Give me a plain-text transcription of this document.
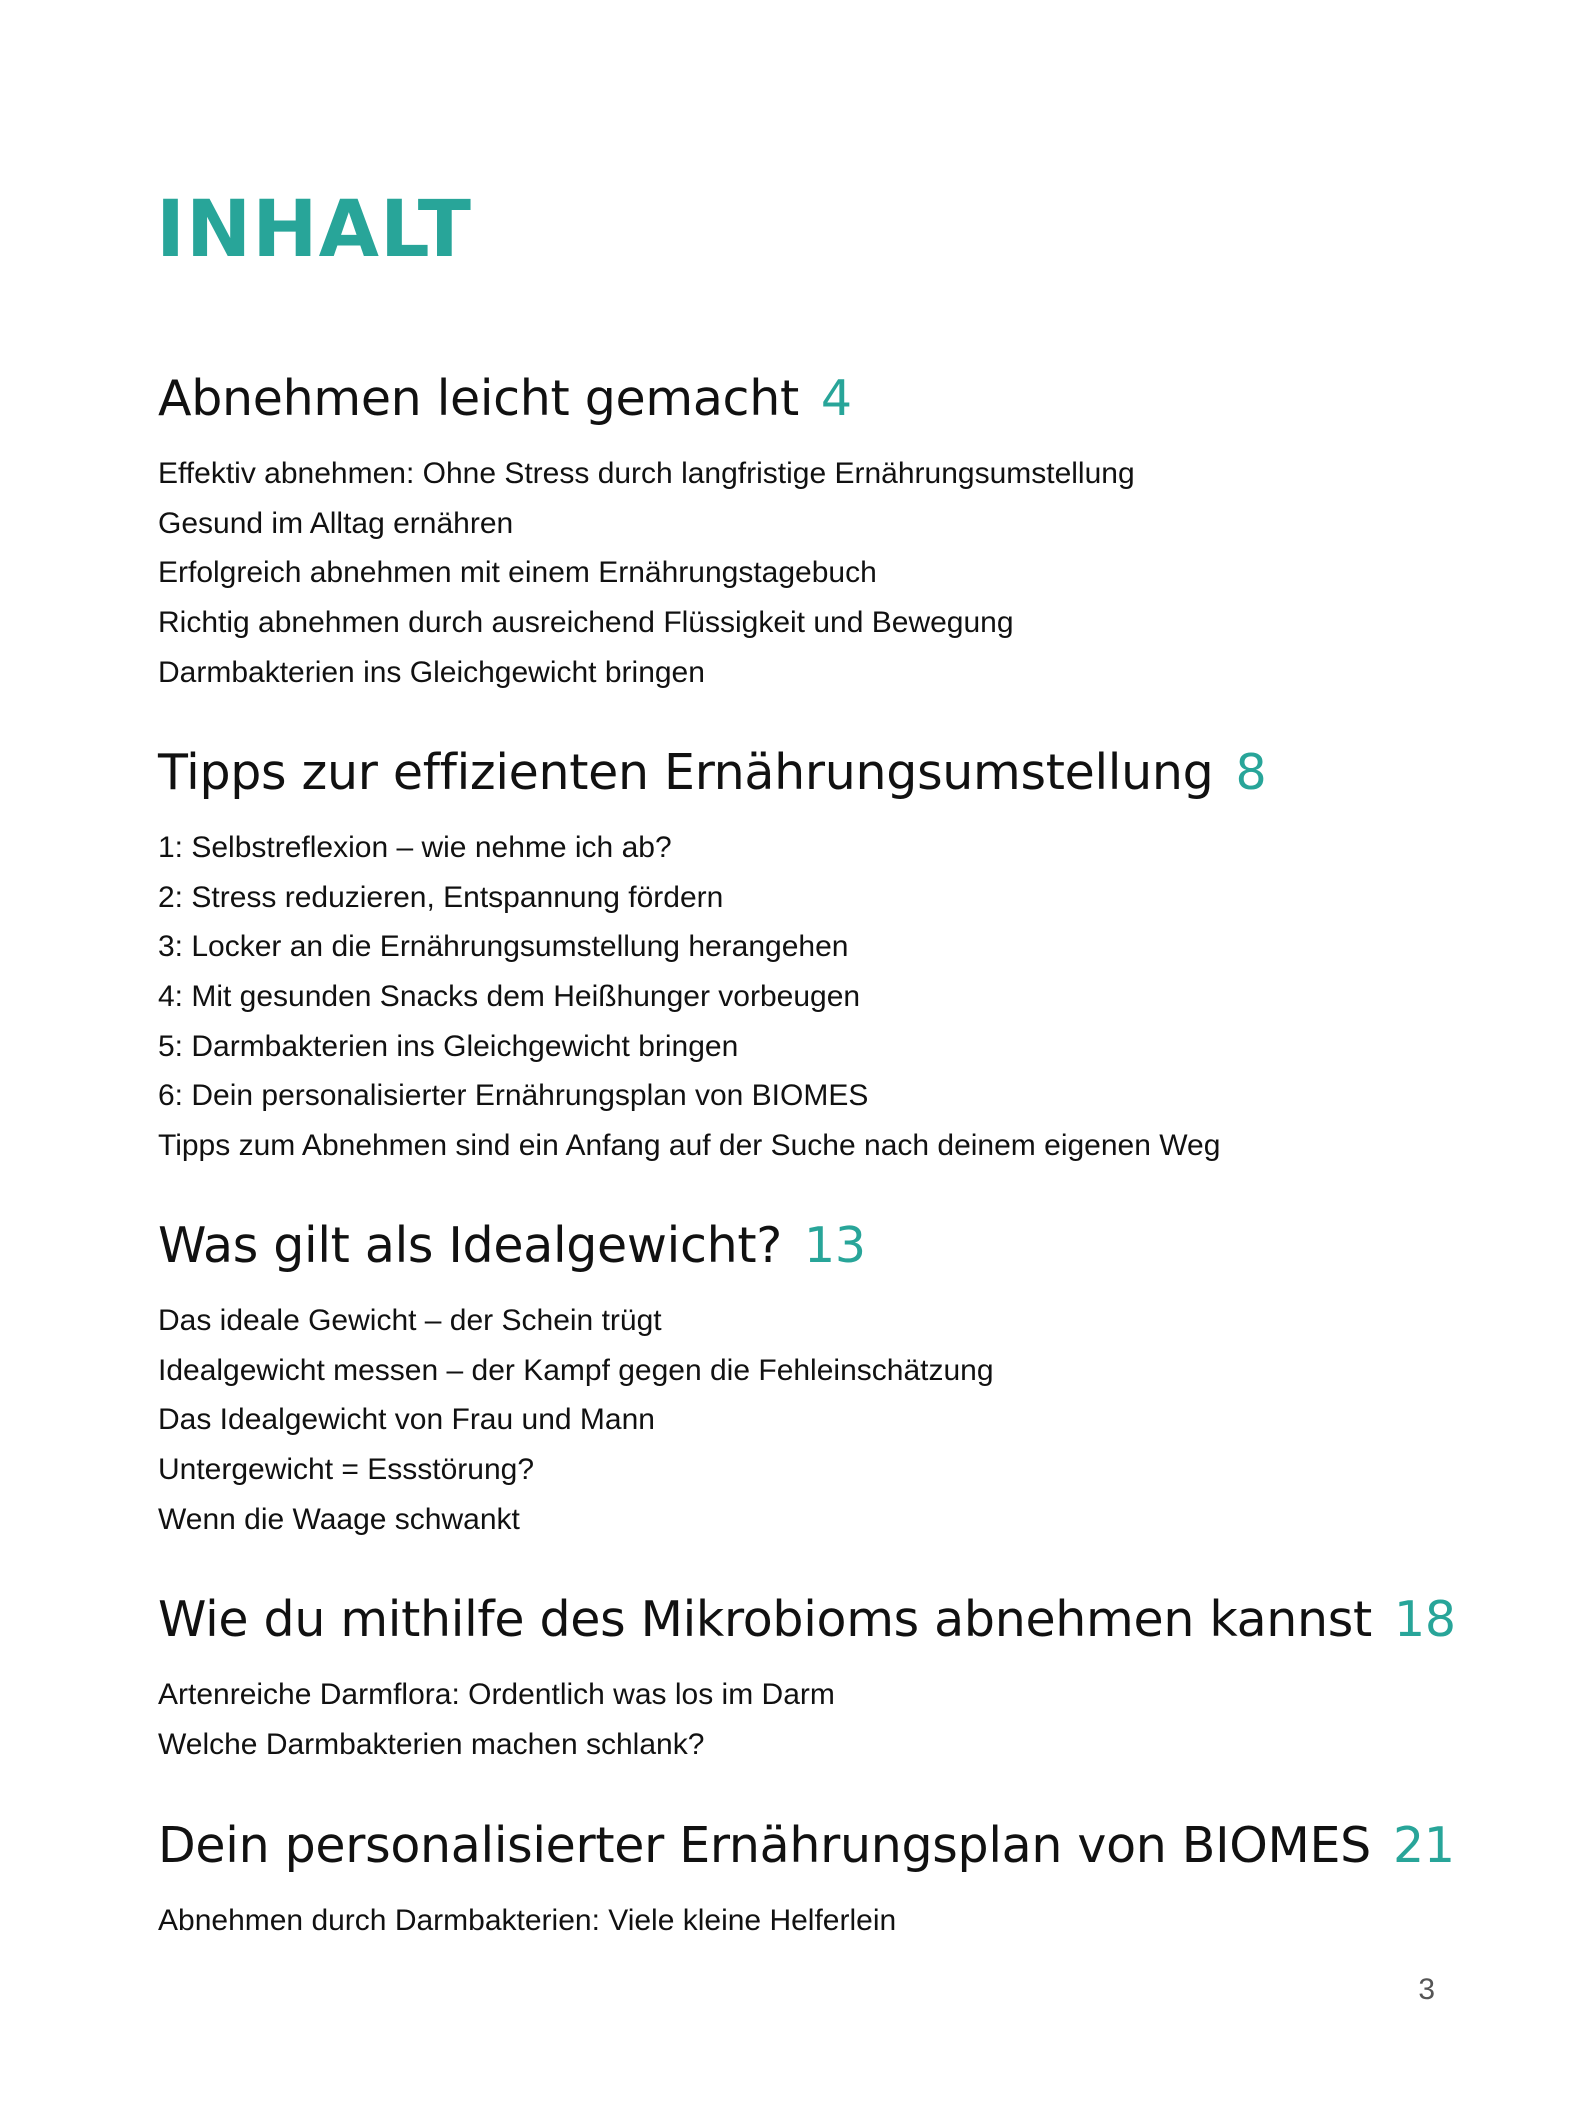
INHALT
Abnehmen leicht gemacht 4
Effektiv abnehmen: Ohne Stress durch langfristige Ernährungsumstellung
Gesund im Alltag ernähren
Erfolgreich abnehmen mit einem Ernährungstagebuch
Richtig abnehmen durch ausreichend Flüssigkeit und Bewegung
Darmbakterien ins Gleichgewicht bringen
Tipps zur effizienten Ernährungsumstellung 8
1: Selbstreflexion – wie nehme ich ab?
2: Stress reduzieren, Entspannung fördern
3: Locker an die Ernährungsumstellung herangehen
4: Mit gesunden Snacks dem Heißhunger vorbeugen
5: Darmbakterien ins Gleichgewicht bringen
6: Dein personalisierter Ernährungsplan von BIOMES
Tipps zum Abnehmen sind ein Anfang auf der Suche nach deinem eigenen Weg
Was gilt als Idealgewicht? 13
Das ideale Gewicht – der Schein trügt
Idealgewicht messen – der Kampf gegen die Fehleinschätzung
Das Idealgewicht von Frau und Mann
Untergewicht = Essstörung?
Wenn die Waage schwankt
Wie du mithilfe des Mikrobioms abnehmen kannst 18
Artenreiche Darmflora: Ordentlich was los im Darm
Welche Darmbakterien machen schlank?
Dein personalisierter Ernährungsplan von BIOMES 21
Abnehmen durch Darmbakterien: Viele kleine Helferlein

3
